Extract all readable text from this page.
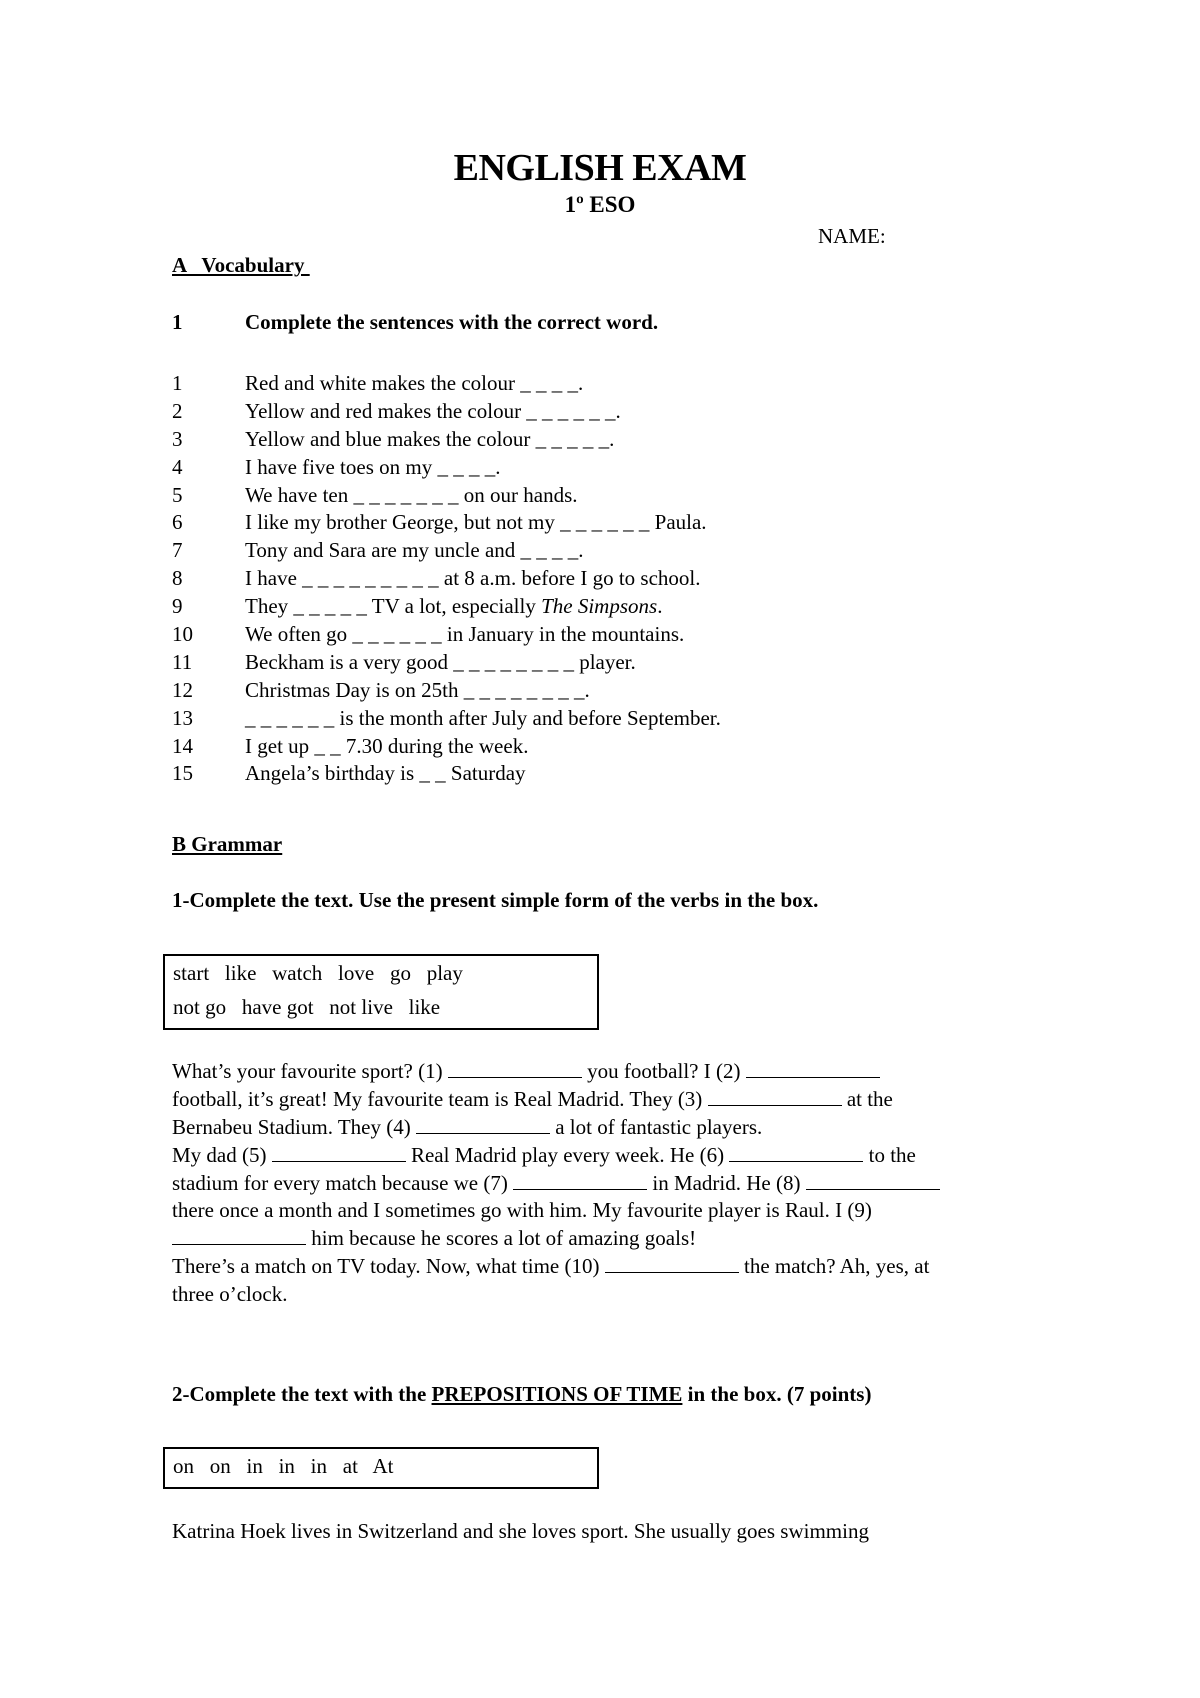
ENGLISH EXAM
1º ESO
NAME:
A   Vocabulary
1	Complete the sentences with the correct word.
1	Red and white makes the colour _ _ _ _.
2	Yellow and red makes the colour _ _ _ _ _ _.
3	Yellow and blue makes the colour _ _ _ _ _.
4	I have five toes on my _ _ _ _.
5	We have ten _ _ _ _ _ _ _ on our hands.
6	I like my brother George, but not my _ _ _ _ _ _ Paula.
7	Tony and Sara are my uncle and _ _ _ _.
8	I have _ _ _ _ _ _ _ _ _ at 8 a.m. before I go to school.
9	They _ _ _ _ _ TV a lot, especially The Simpsons.
10 We often go _ _ _ _ _ _ in January in the mountains.
11	Beckham is a very good _ _ _ _ _ _ _ _ player.
12 Christmas Day is on 25th _ _ _ _ _ _ _ _.
13 _ _ _ _ _ _ is the month after July and before September.
14 I get up _ _ 7.30 during the week.
15 Angela’s birthday is _ _ Saturday
B Grammar
1-Complete the text. Use the present simple form of the verbs in the box.
start   like   watch   love   go   play
not go   have got   not live   like
What’s your favourite sport? (1)	you football? I (2)
football, it’s great! My favourite team is Real Madrid. They (3)	at the
Bernabeu Stadium. They (4)	a lot of fantastic players.
My dad (5)	Real Madrid play every week. He (6)	to the
stadium for every match because we (7)	in Madrid. He (8)
there once a month and I sometimes go with him. My favourite player is Raul. I (9)
him because he scores a lot of amazing goals!
There’s a match on TV today. Now, what time (10)	the match? Ah, yes, at
three o’clock.
2-Complete the text with the PREPOSITIONS OF TIME in the box. (7 points)
on   on   in   in   in   at   At
Katrina Hoek lives in Switzerland and she loves sport. She usually goes swimming
